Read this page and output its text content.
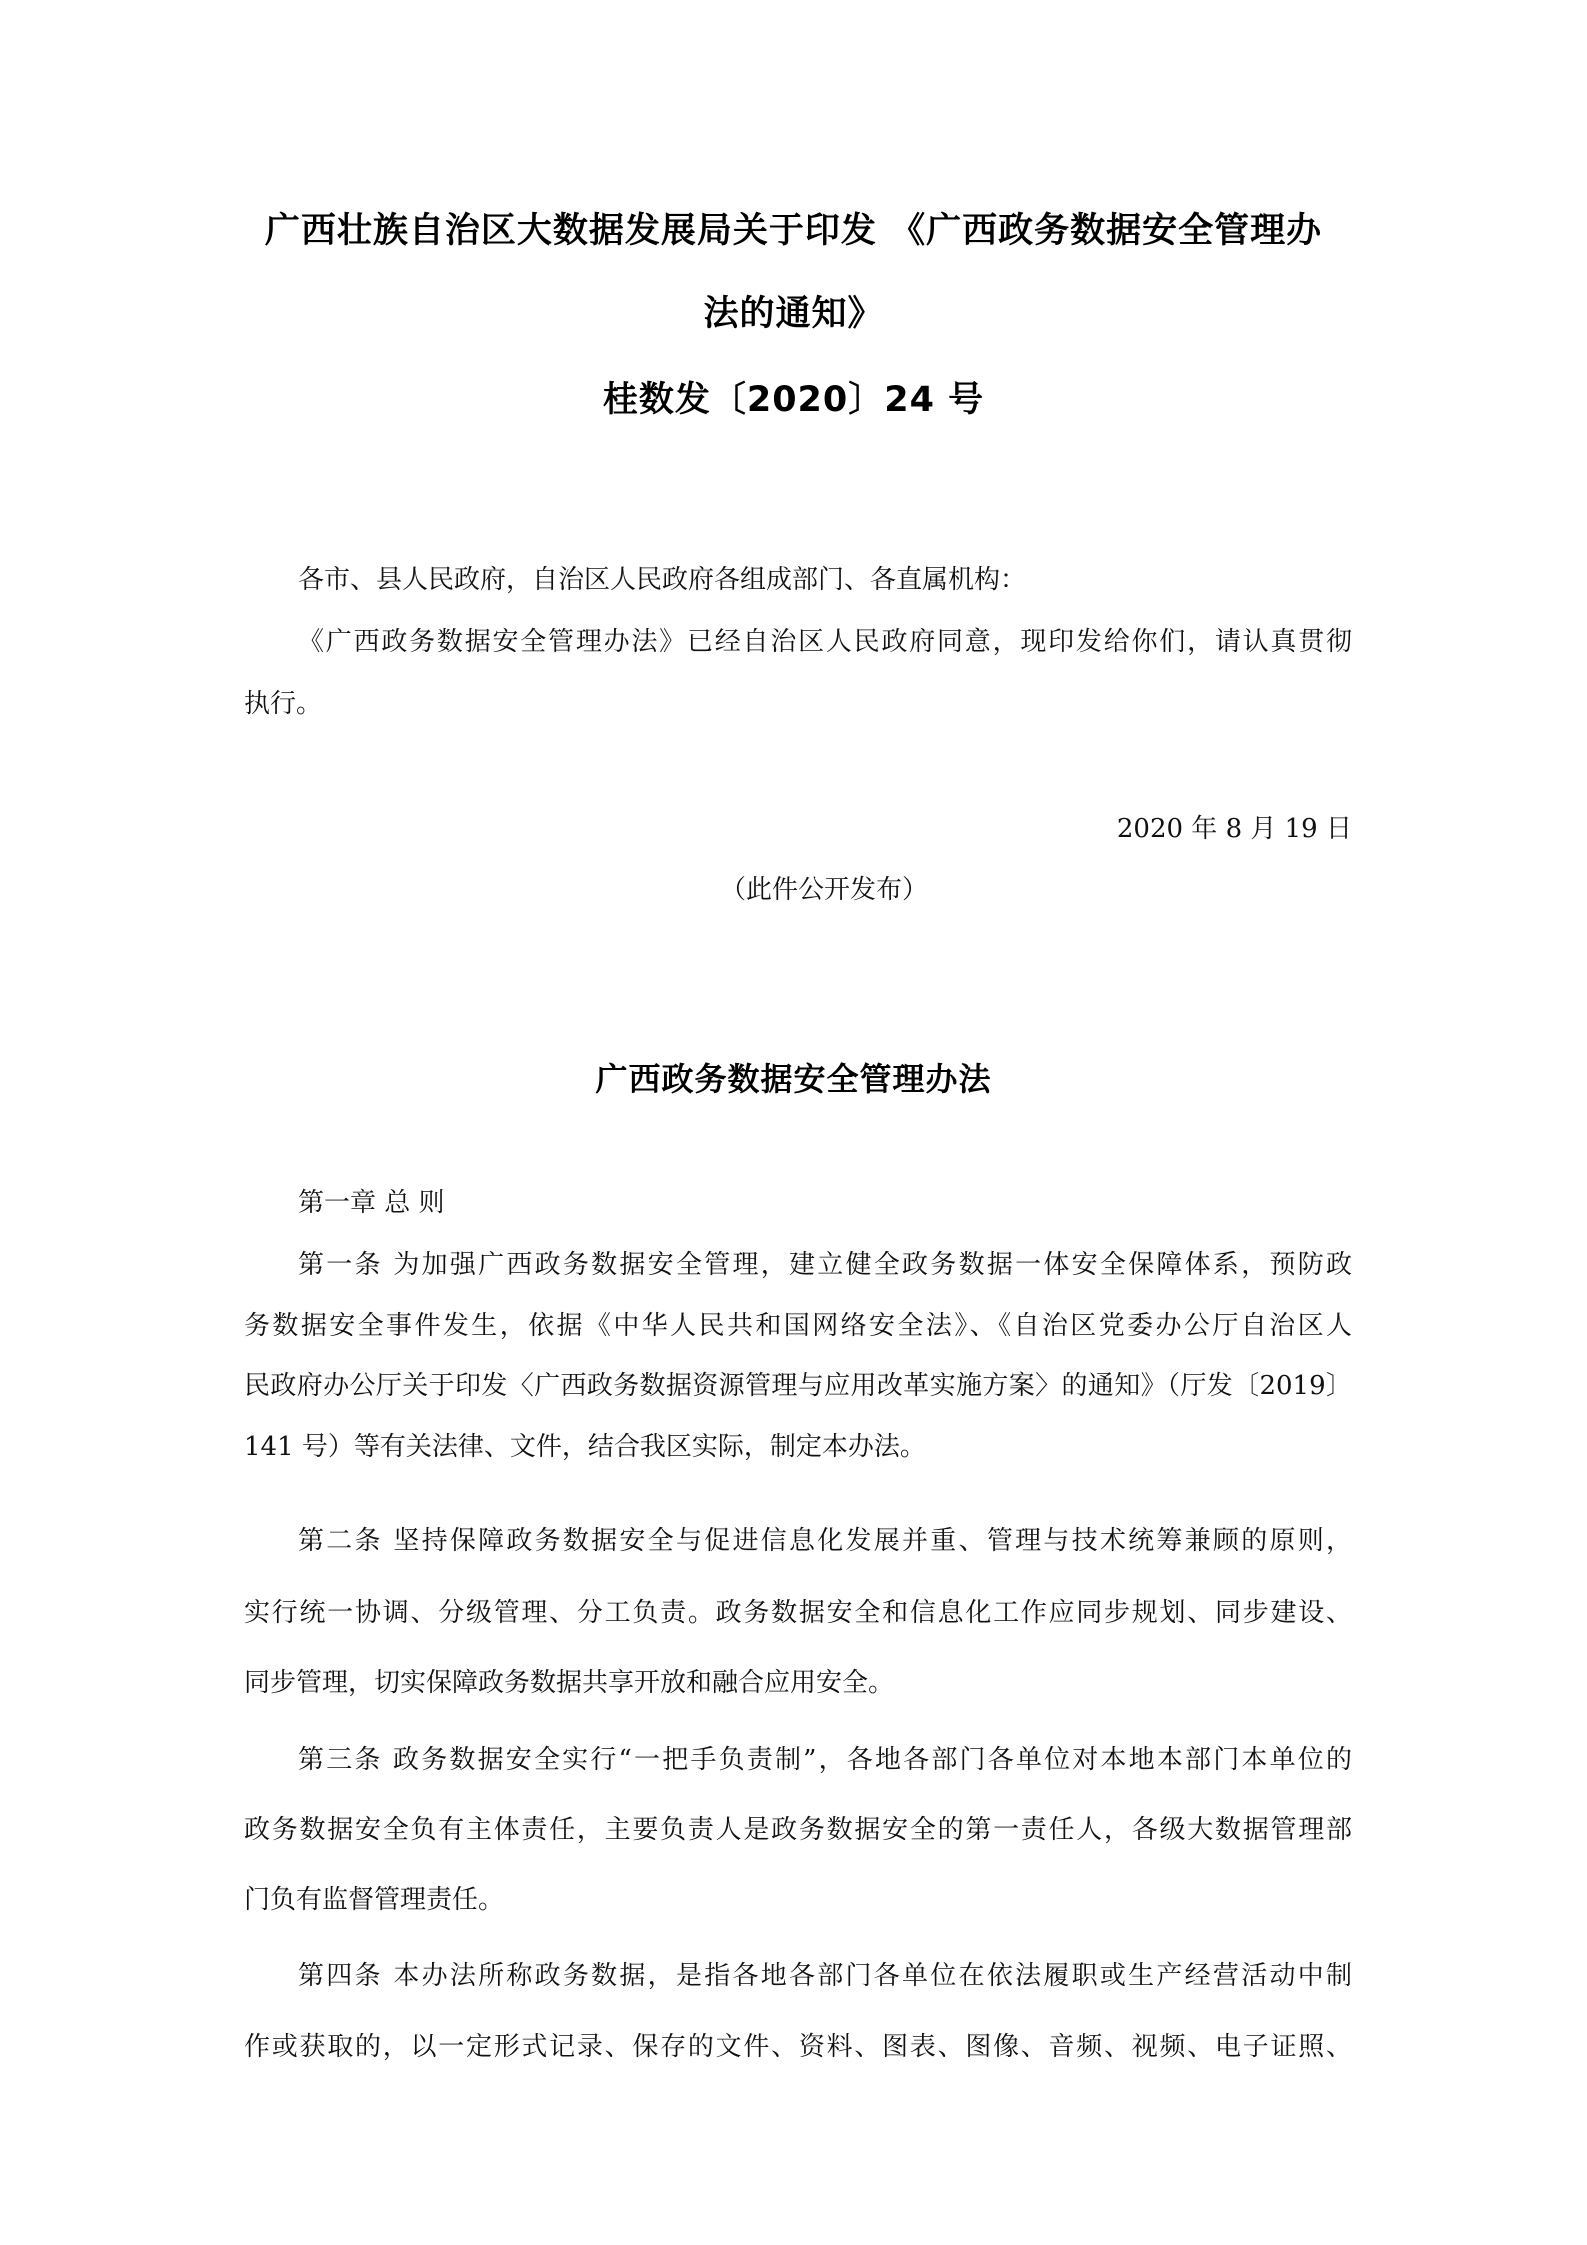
广西壮族自治区大数据发展局关于印发 《广西政务数据安全管理办
法的通知》
桂数发〔2020〕24 号
各市、县人民政府，自治区人民政府各组成部门、各直属机构：
《广西政务数据安全管理办法》已经自治区人民政府同意，现印发给你们，请认真贯彻
执行。
2020 年 8 月 19 日
（此件公开发布）
广西政务数据安全管理办法
第一章 总 则
第一条 为加强广西政务数据安全管理，建立健全政务数据一体安全保障体系，预防政
务数据安全事件发生，依据《中华人民共和国网络安全法》、《自治区党委办公厅自治区人
民政府办公厅关于印发〈广西政务数据资源管理与应用改革实施方案〉的通知》（厅发〔2019〕
141 号）等有关法律、文件，结合我区实际，制定本办法。
第二条 坚持保障政务数据安全与促进信息化发展并重、管理与技术统筹兼顾的原则，
实行统一协调、分级管理、分工负责。政务数据安全和信息化工作应同步规划、同步建设、
同步管理，切实保障政务数据共享开放和融合应用安全。
第三条 政务数据安全实行“一把手负责制”，各地各部门各单位对本地本部门本单位的
政务数据安全负有主体责任，主要负责人是政务数据安全的第一责任人，各级大数据管理部
门负有监督管理责任。
第四条 本办法所称政务数据，是指各地各部门各单位在依法履职或生产经营活动中制
作或获取的，以一定形式记录、保存的文件、资料、图表、图像、音频、视频、电子证照、
